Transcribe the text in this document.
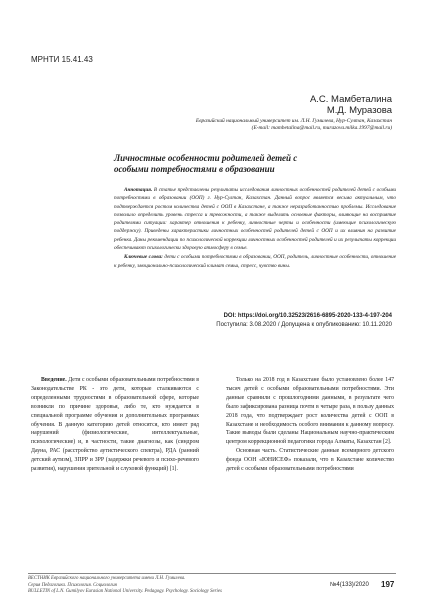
МРНТИ 15.41.43
А.С. Мамбеталина
М.Д. Муразова
Евразийский национальный университет им. Л.Н. Гумилева, Нур-Султан, Казахстан
(E-mail: mambetalina@mail.ru, murazova.milka.1997@mail.ru)
Личностные особенности родителей детей с особыми потребностями в образовании

Аннотация. В статье представлены результаты исследования личностных особенностей родителей детей с особыми потребностями в образовании (ООП) г. Нур-Султан, Казахстан. Данный вопрос является весьма актуальным, что подтверждается ростом количества детей с ООП в Казахстане, а также неразработанностью проблемы. Исследование позволило определить уровень стресса и тревожности, а также выделить основные факторы, влияющие на восприятие родителями ситуации: характер отношения к ребенку, личностные черты и особенности (имеющие психологическую поддержку). Приведены характеристики личностных особенностей родителей детей с ООП и их влияния на развитие ребенка. Даны рекомендации по психологической коррекции личностных особенностей родителей и их результаты коррекции обеспечивают психологически здоровую атмосферу в семье.

Ключевые слова: дети с особыми потребностями в образовании, ООП, родитель, личностные особенности, отношение к ребенку, эмоционально-психологический климат семьи, стресс, чувство вины.

DOI: https://doi.org/10.32523/2616-6895-2020-133-4-197-204
Поступила: 3.08.2020 / Допущена к опубликованию: 10.11.2020

Введение. Дети с особыми образовательными потребностями в Законодательстве РК - это дети, которые сталкиваются с определенными трудностями в образовательной сфере, которые возникли по причине здоровья, либо те, кто нуждается в специальной программе обучения и дополнительных программах обучения. В данную категорию детей относятся, кто имеет ряд нарушений (физиологические, интеллектуальные, психологические) и, в частности, такие диагнозы, как (синдром Дауна, РАС (расстройство аутистического спектра), РДА (ранний детский аутизм), ЗПРР и ЗРР (задержки речевого и психо-речевого развития), нарушения зрительной и слуховой функций) [1].

Только на 2018 год в Казахстане было установлено более 147 тысяч детей с особыми образовательными потребностями. Эти данные сравнили с прошлогодними данными, в результате чего было зафиксирована разница почти в четыре раза, в пользу данных 2018 года, что подтверждает рост количества детей с ООП в Казахстане и необходимость особого внимания к данному вопросу. Такие выводы были сделаны Национальным научно-практическим центром коррекционной педагогики города Алматы, Казахстан [2].

Основная часть. Статистические данные всемирного детского фонда ООН «ЮНИСЕФ» показали, что в Казахстане количество детей с особыми образовательными потребностями

ВЕСТНИК Евразийского национального университета имени Л.Н. Гумилева.
Серия Педагогика. Психология. Социология
BULLETIN of L.N. Gumilyov Eurasian National University. Pedagogy. Psychology. Sociology Series
№4(133)/2020 197
